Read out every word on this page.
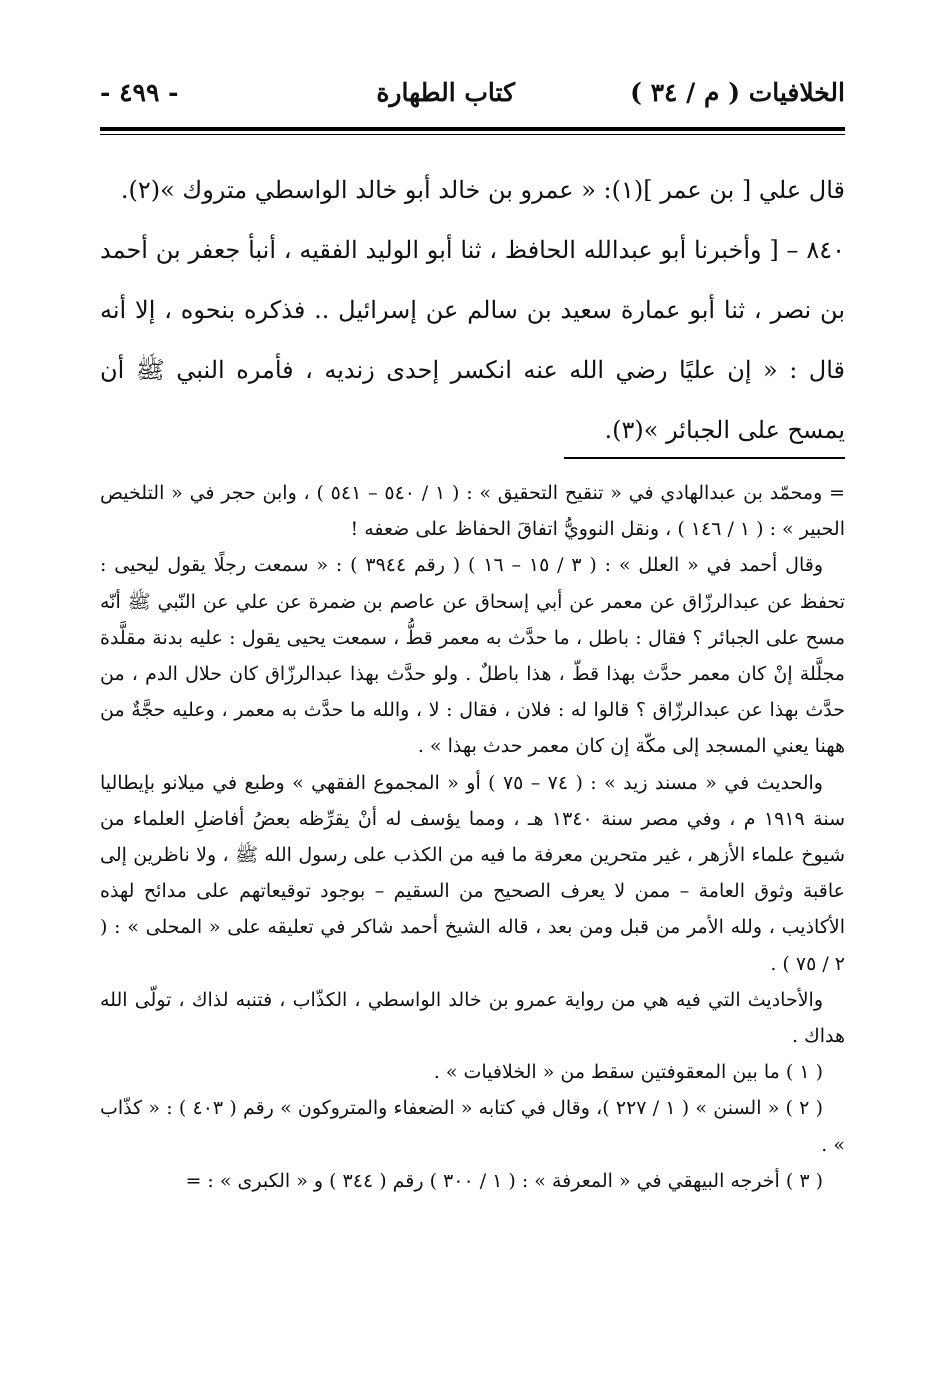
الخلافيات ( م / ٣٤ )
كتاب الطهارة
- ٤٩٩ -

قال علي [ بن عمر ](١): « عمرو بن خالد أبو خالد الواسطي متروك »(٢).

٨٤٠ – [ وأخبرنا أبو عبدالله الحافظ ، ثنا أبو الوليد الفقيه ، أنبأ جعفر بن أحمد بن نصر ، ثنا أبو عمارة سعيد بن سالم عن إسرائيل .. فذكره بنحوه ، إلا أنه قال : « إن عليًا رضي الله عنه انكسر إحدى زنديه ، فأمره النبي ﷺ أن يمسح على الجبائر »(٣).

= ومحمّد بن عبدالهادي في « تنقيح التحقيق » : ( ١ / ٥٤٠ – ٥٤١ ) ، وابن حجر في « التلخيص الحبير » : ( ١ / ١٤٦ ) ، ونقل النوويُّ اتفاقَ الحفاظ على ضعفه !

وقال أحمد في « العلل » : ( ٣ / ١٥ – ١٦ ) ( رقم ٣٩٤٤ ) : « سمعت رجلًا يقول ليحيى : تحفظ عن عبدالرزّاق عن معمر عن أبي إسحاق عن عاصم بن ضمرة عن علي عن النّبي ﷺ أنّه مسح على الجبائر ؟ فقال : باطل ، ما حدَّث به معمر قطُّ ، سمعت يحيى يقول : عليه بدنة مقلَّدة مجلَّلة إنْ كان معمر حدَّث بهذا قطّ ، هذا باطلٌ . ولو حدَّث بهذا عبدالرزّاق كان حلال الدم ، من حدَّث بهذا عن عبدالرزّاق ؟ قالوا له : فلان ، فقال : لا ، والله ما حدَّث به معمر ، وعليه حجَّةٌ من ههنا يعني المسجد إلى مكّة إن كان معمر حدث بهذا » .

والحديث في « مسند زيد » : ( ٧٤ – ٧٥ ) أو « المجموع الفقهي » وطبع في ميلانو بإيطاليا سنة ١٩١٩ م ، وفي مصر سنة ١٣٤٠ هـ ، ومما يؤسف له أنْ يقرِّظه بعضُ أفاضلِ العلماء من شيوخ علماء الأزهر ، غير متحرين معرفة ما فيه من الكذب على رسول الله ﷺ ، ولا ناظرين إلى عاقبة وثوق العامة – ممن لا يعرف الصحيح من السقيم – بوجود توقيعاتهم على مدائح لهذه الأكاذيب ، ولله الأمر من قبل ومن بعد ، قاله الشيخ أحمد شاكر في تعليقه على « المحلى » : ( ٢ / ٧٥ ) .

والأحاديث التي فيه هي من رواية عمرو بن خالد الواسطي ، الكذّاب ، فتنبه لذاك ، تولّى الله هداك .

( ١ ) ما بين المعقوفتين سقط من « الخلافيات » .

( ٢ ) « السنن » ( ١ / ٢٢٧ )، وقال في كتابه « الضعفاء والمتروكون » رقم ( ٤٠٣ ) : « كذّاب » .

( ٣ ) أخرجه البيهقي في « المعرفة » : ( ١ / ٣٠٠ ) رقم ( ٣٤٤ ) و « الكبرى » : =
